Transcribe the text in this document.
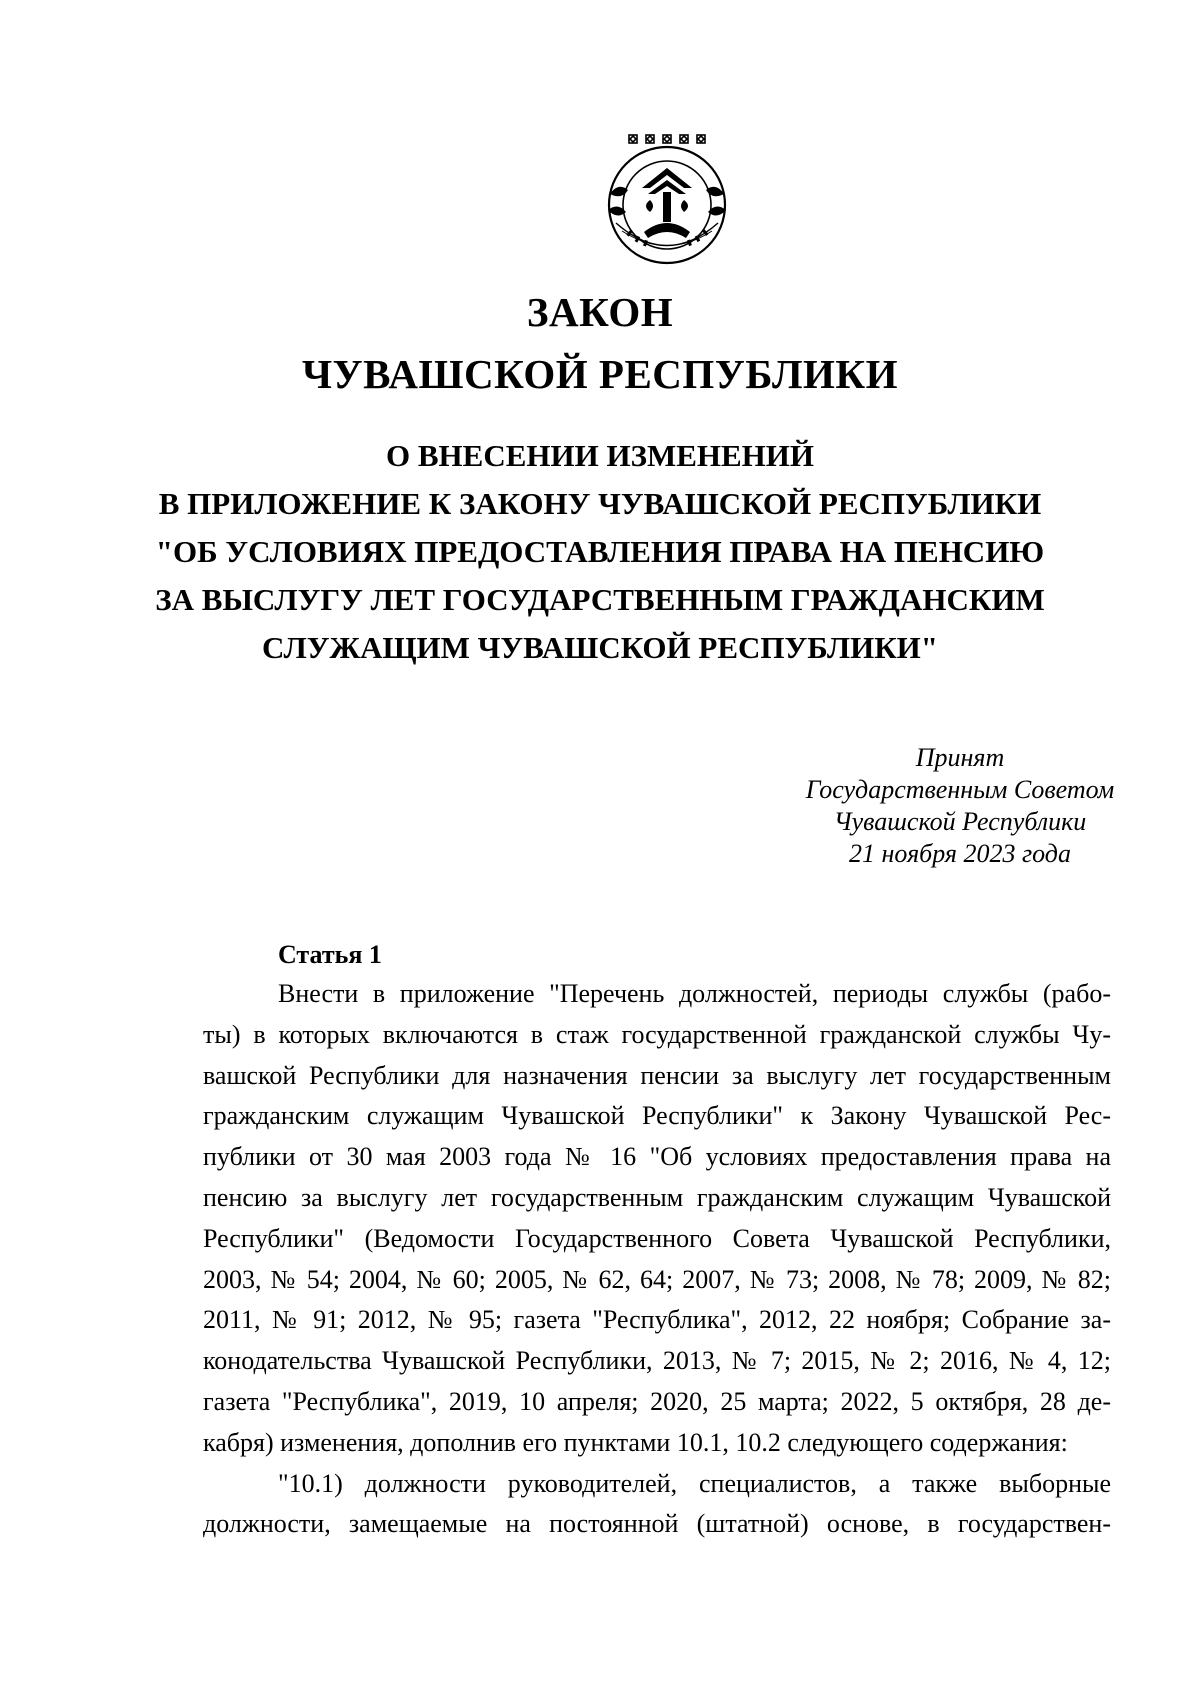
ЗАКОН
ЧУВАШСКОЙ РЕСПУБЛИКИ
О ВНЕСЕНИИ ИЗМЕНЕНИЙ
В ПРИЛОЖЕНИЕ К ЗАКОНУ ЧУВАШСКОЙ РЕСПУБЛИКИ
"ОБ УСЛОВИЯХ ПРЕДОСТАВЛЕНИЯ ПРАВА НА ПЕНСИЮ
ЗА ВЫСЛУГУ ЛЕТ ГОСУДАРСТВЕННЫМ ГРАЖДАНСКИМ
СЛУЖАЩИМ ЧУВАШСКОЙ РЕСПУБЛИКИ"
Принят
Государственным Советом
Чувашской Республики
21 ноября 2023 года
Статья 1
Внести в приложение "Перечень должностей, периоды службы (рабо-
ты) в которых включаются в стаж государственной гражданской службы Чу-
вашской Республики для назначения пенсии за выслугу лет государственным
гражданским служащим Чувашской Республики" к Закону Чувашской Рес-
публики от 30 мая 2003 года № 16 "Об условиях предоставления права на
пенсию за выслугу лет государственным гражданским служащим Чувашской
Республики" (Ведомости Государственного Совета Чувашской Республики,
2003, № 54; 2004, № 60; 2005, № 62, 64; 2007, № 73; 2008, № 78; 2009, № 82;
2011, № 91; 2012, № 95; газета "Республика", 2012, 22 ноября; Собрание за-
конодательства Чувашской Республики, 2013, № 7; 2015, № 2; 2016, № 4, 12;
газета "Республика", 2019, 10 апреля; 2020, 25 марта; 2022, 5 октября, 28 де-
кабря) изменения, дополнив его пунктами 10.1, 10.2 следующего содержания:
"10.1) должности руководителей, специалистов, а также выборные
должности, замещаемые на постоянной (штатной) основе, в государствен-
